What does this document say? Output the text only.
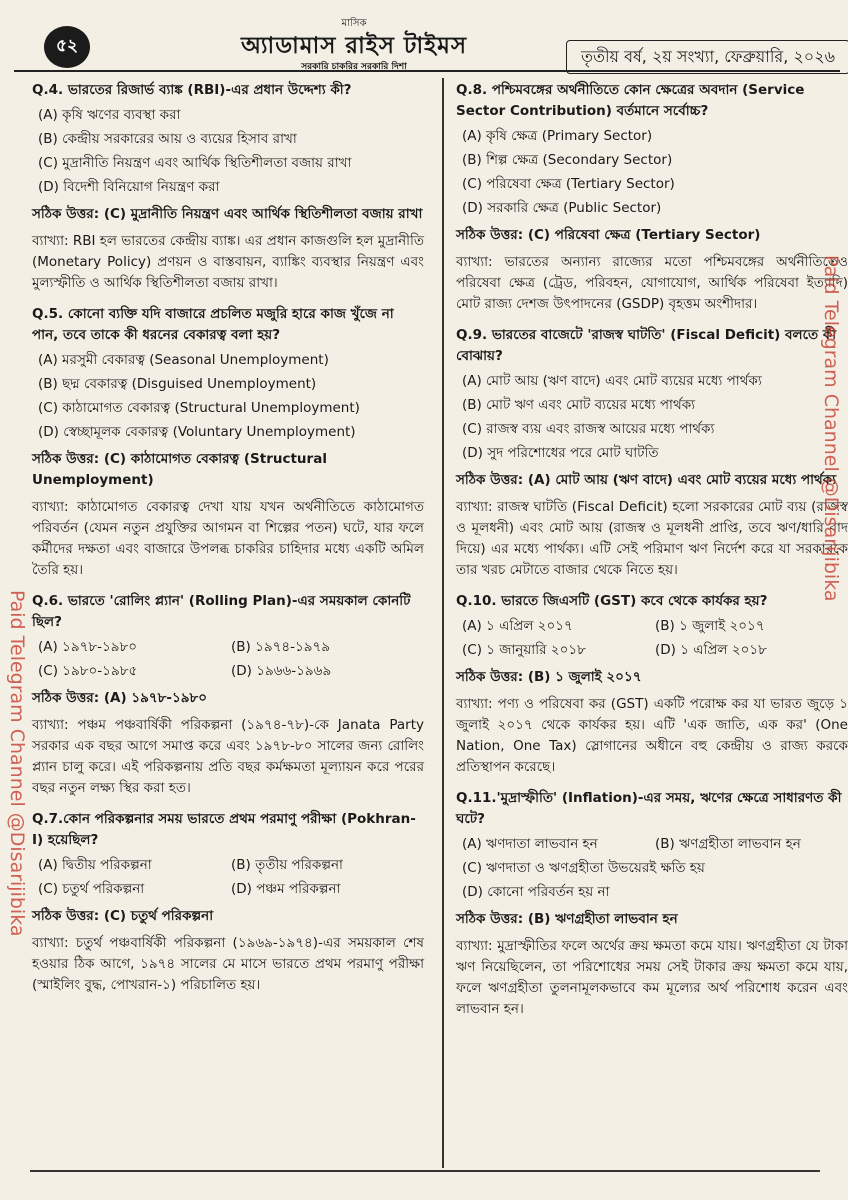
৫২
মাসিক
অ্যাডামাস রাইস টাইমস
সরকারি চাকরির সরকারি দিশা
তৃতীয় বর্ষ, ২য় সংখ্যা, ফেব্রুয়ারি, ২০২৬
Q.4. ভারতের রিজার্ভ ব্যাঙ্ক (RBI)-এর প্রধান উদ্দেশ্য কী?
(A) কৃষি ঋণের ব্যবস্থা করা
(B) কেন্দ্রীয় সরকারের আয় ও ব্যয়ের হিসাব রাখা
(C) মুদ্রানীতি নিয়ন্ত্রণ এবং আর্থিক স্থিতিশীলতা বজায় রাখা
(D) বিদেশী বিনিয়োগ নিয়ন্ত্রণ করা
সঠিক উত্তর: (C) মুদ্রানীতি নিয়ন্ত্রণ এবং আর্থিক স্থিতিশীলতা বজায় রাখা
ব্যাখ্যা: RBI হল ভারতের কেন্দ্রীয় ব্যাঙ্ক। এর প্রধান কাজগুলি হল মুদ্রানীতি (Monetary Policy) প্রণয়ন ও বাস্তবায়ন, ব্যাঙ্কিং ব্যবস্থার নিয়ন্ত্রণ এবং মুল্যস্ফীতি ও আর্থিক স্থিতিশীলতা বজায় রাখা।
Q.5. কোনো ব্যক্তি যদি বাজারে প্রচলিত মজুরি হারে কাজ খুঁজে না পান, তবে তাকে কী ধরনের বেকারত্ব বলা হয়?
(A) মরসুমী বেকারত্ব (Seasonal Unemployment)
(B) ছদ্ম বেকারত্ব (Disguised Unemployment)
(C) কাঠামোগত বেকারত্ব (Structural Unemployment)
(D) স্বেচ্ছামূলক বেকারত্ব (Voluntary Unemployment)
সঠিক উত্তর: (C) কাঠামোগত বেকারত্ব (Structural Unemployment)
ব্যাখ্যা: কাঠামোগত বেকারত্ব দেখা যায় যখন অর্থনীতিতে কাঠামোগত পরিবর্তন (যেমন নতুন প্রযুক্তির আগমন বা শিল্পের পতন) ঘটে, যার ফলে কর্মীদের দক্ষতা এবং বাজারে উপলব্ধ চাকরির চাহিদার মধ্যে একটি অমিল তৈরি হয়।
Q.6. ভারতে 'রোলিং প্ল্যান' (Rolling Plan)-এর সময়কাল কোনটি ছিল?
(A) ১৯৭৮-১৯৮০	(B) ১৯৭৪-১৯৭৯
(C) ১৯৮০-১৯৮৫	(D) ১৯৬৬-১৯৬৯
সঠিক উত্তর: (A) ১৯৭৮-১৯৮০
ব্যাখ্যা: পঞ্চম পঞ্চবার্ষিকী পরিকল্পনা (১৯৭৪-৭৮)-কে Janata Party সরকার এক বছর আগে সমাপ্ত করে এবং ১৯৭৮-৮০ সালের জন্য রোলিং প্ল্যান চালু করে। এই পরিকল্পনায় প্রতি বছর কর্মক্ষমতা মূল্যায়ন করে পরের বছর নতুন লক্ষ্য স্থির করা হত।
Q.7.কোন পরিকল্পনার সময় ভারতে প্রথম পরমাণু পরীক্ষা (Pokhran-I) হয়েছিল?
(A) দ্বিতীয় পরিকল্পনা	(B) তৃতীয় পরিকল্পনা
(C) চতুর্থ পরিকল্পনা	(D) পঞ্চম পরিকল্পনা
সঠিক উত্তর: (C) চতুর্থ পরিকল্পনা
ব্যাখ্যা: চতুর্থ পঞ্চবার্ষিকী পরিকল্পনা (১৯৬৯-১৯৭৪)-এর সময়কাল শেষ হওয়ার ঠিক আগে, ১৯৭৪ সালের মে মাসে ভারতে প্রথম পরমাণু পরীক্ষা (স্মাইলিং বুদ্ধ, পোখরান-১) পরিচালিত হয়।
Q.8. পশ্চিমবঙ্গের অর্থনীতিতে কোন ক্ষেত্রের অবদান (Service Sector Contribution) বর্তমানে সর্বোচ্চ?
(A) কৃষি ক্ষেত্র (Primary Sector)
(B) শিল্প ক্ষেত্র (Secondary Sector)
(C) পরিষেবা ক্ষেত্র (Tertiary Sector)
(D) সরকারি ক্ষেত্র (Public Sector)
সঠিক উত্তর: (C) পরিষেবা ক্ষেত্র (Tertiary Sector)
ব্যাখ্যা: ভারতের অন্যান্য রাজ্যের মতো পশ্চিমবঙ্গের অর্থনীতিতেও পরিষেবা ক্ষেত্র (ট্রেড, পরিবহন, যোগাযোগ, আর্থিক পরিষেবা ইত্যাদি) মোট রাজ্য দেশজ উৎপাদনের (GSDP) বৃহত্তম অংশীদার।
Q.9. ভারতের বাজেটে 'রাজস্ব ঘাটতি' (Fiscal Deficit) বলতে কী বোঝায়?
(A) মোট আয় (ঋণ বাদে) এবং মোট ব্যয়ের মধ্যে পার্থক্য
(B) মোট ঋণ এবং মোট ব্যয়ের মধ্যে পার্থক্য
(C) রাজস্ব ব্যয় এবং রাজস্ব আয়ের মধ্যে পার্থক্য
(D) সুদ পরিশোধের পরে মোট ঘাটতি
সঠিক উত্তর: (A) মোট আয় (ঋণ বাদে) এবং মোট ব্যয়ের মধ্যে পার্থক্য
ব্যাখ্যা: রাজস্ব ঘাটতি (Fiscal Deficit) হলো সরকারের মোট ব্যয় (রাজস্ব ও মূলধনী) এবং মোট আয় (রাজস্ব ও মূলধনী প্রাপ্তি, তবে ঋণ/ধারি বাদ দিয়ে) এর মধ্যে পার্থক্য। এটি সেই পরিমাণ ঋণ নির্দেশ করে যা সরকারকে তার খরচ মেটাতে বাজার থেকে নিতে হয়।
Q.10. ভারতে জিএসটি (GST) কবে থেকে কার্যকর হয়?
(A) ১ এপ্রিল ২০১৭	(B) ১ জুলাই ২০১৭
(C) ১ জানুয়ারি ২০১৮	(D) ১ এপ্রিল ২০১৮
সঠিক উত্তর: (B) ১ জুলাই ২০১৭
ব্যাখ্যা: পণ্য ও পরিষেবা কর (GST) একটি পরোক্ষ কর যা ভারত জুড়ে ১ জুলাই ২০১৭ থেকে কার্যকর হয়। এটি 'এক জাতি, এক কর' (One Nation, One Tax) স্লোগানের অধীনে বহু কেন্দ্রীয় ও রাজ্য করকে প্রতিস্থাপন করেছে।
Q.11.'মুদ্রাস্ফীতি' (Inflation)-এর সময়, ঋণের ক্ষেত্রে সাধারণত কী ঘটে?
(A) ঋণদাতা লাভবান হন	(B) ঋণগ্রহীতা লাভবান হন
(C) ঋণদাতা ও ঋণগ্রহীতা উভয়েরই ক্ষতি হয়
(D) কোনো পরিবর্তন হয় না
সঠিক উত্তর: (B) ঋণগ্রহীতা লাভবান হন
ব্যাখ্যা: মুদ্রাস্ফীতির ফলে অর্থের ক্রয় ক্ষমতা কমে যায়। ঋণগ্রহীতা যে টাকা ঋণ নিয়েছিলেন, তা পরিশোধের সময় সেই টাকার ক্রয় ক্ষমতা কমে যায়, ফলে ঋণগ্রহীতা তুলনামূলকভাবে কম মূল্যের অর্থ পরিশোধ করেন এবং লাভবান হন।
Paid Telegram Channel @Disarijibika
Paid Telegram Channel @Disarijibika
